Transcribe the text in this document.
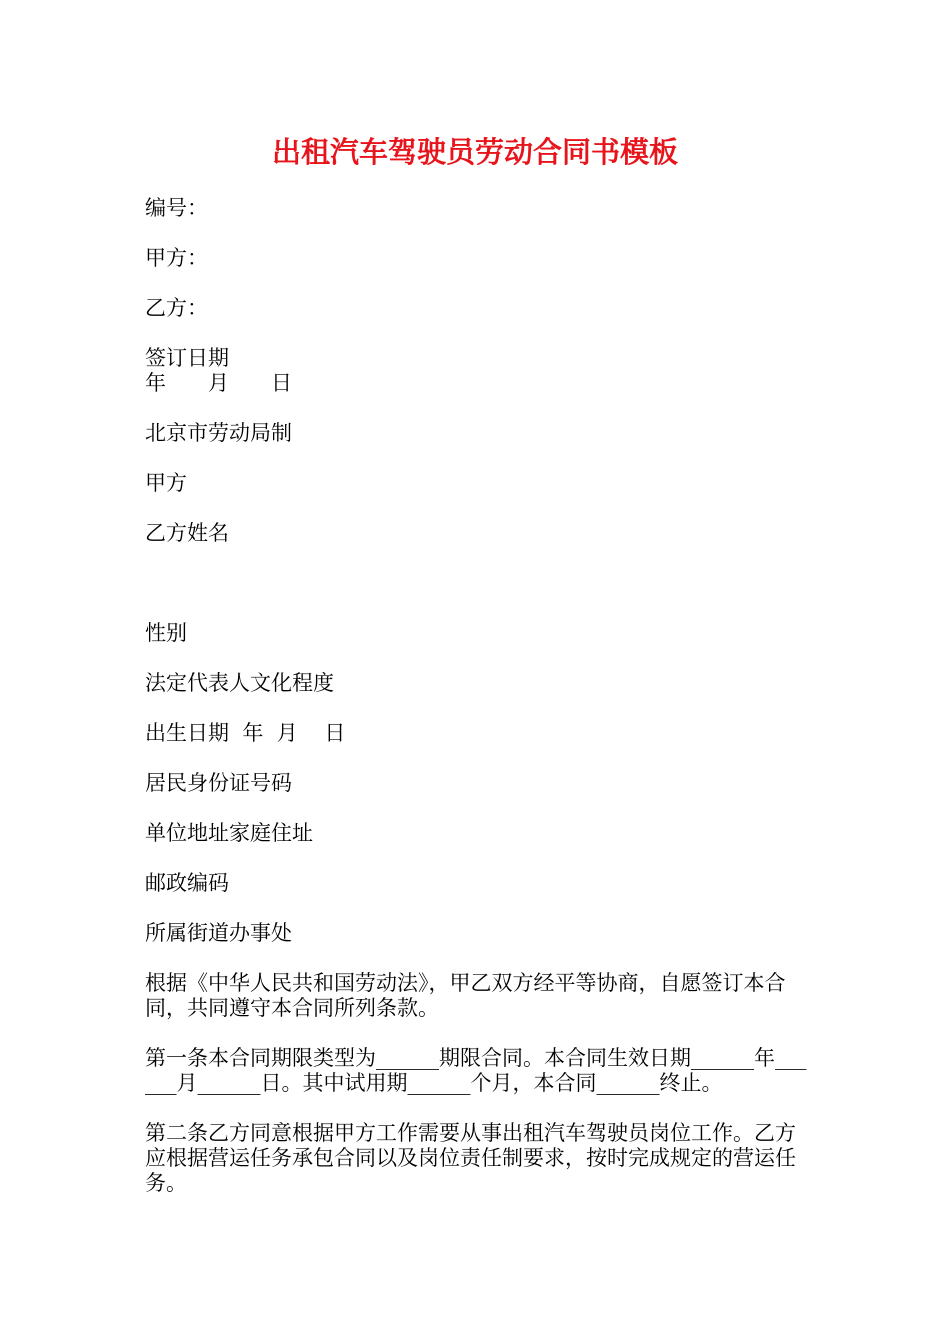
出租汽车驾驶员劳动合同书模板

编号：

甲方：

乙方：

签订日期
年　　月　　日

北京市劳动局制

甲方

乙方姓名

性别

法定代表人文化程度

出生日期  年  月    日

居民身份证号码

单位地址家庭住址

邮政编码

所属街道办事处

根据《中华人民共和国劳动法》，甲乙双方经平等协商，自愿签订本合同，共同遵守本合同所列条款。

第一条本合同期限类型为______期限合同。本合同生效日期______年______月______日。其中试用期______个月，本合同______终止。

第二条乙方同意根据甲方工作需要从事出租汽车驾驶员岗位工作。乙方应根据营运任务承包合同以及岗位责任制要求，按时完成规定的营运任务。
